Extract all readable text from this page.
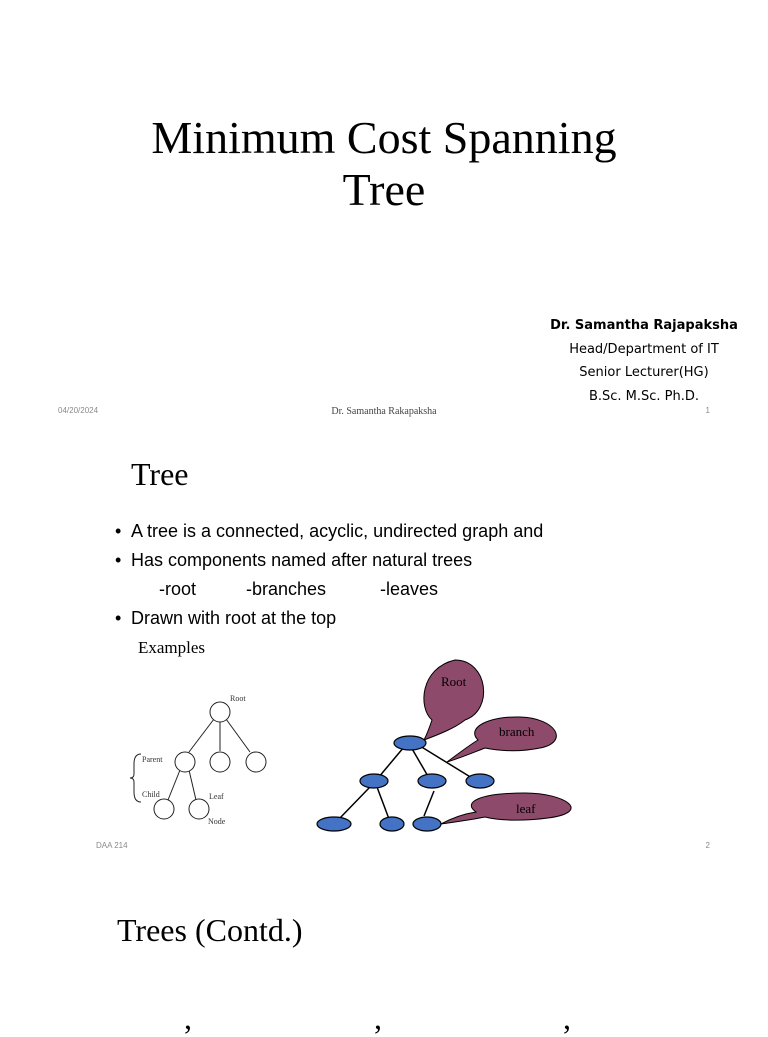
Minimum Cost Spanning
Tree
Dr. Samantha Rajapaksha
Head/Department of IT
Senior Lecturer(HG)
B.Sc. M.Sc. Ph.D.
04/20/2024	Dr. Samantha Rakapaksha	1
Tree
• A tree is a connected, acyclic, undirected graph and
• Has components named after natural trees
-root	-branches	-leaves
• Drawn with root at the top
Examples
Root
Parent
Child	Leaf
Node
Root
branch
leaf
DAA 214	2
Trees (Contd.)
,	,	,
